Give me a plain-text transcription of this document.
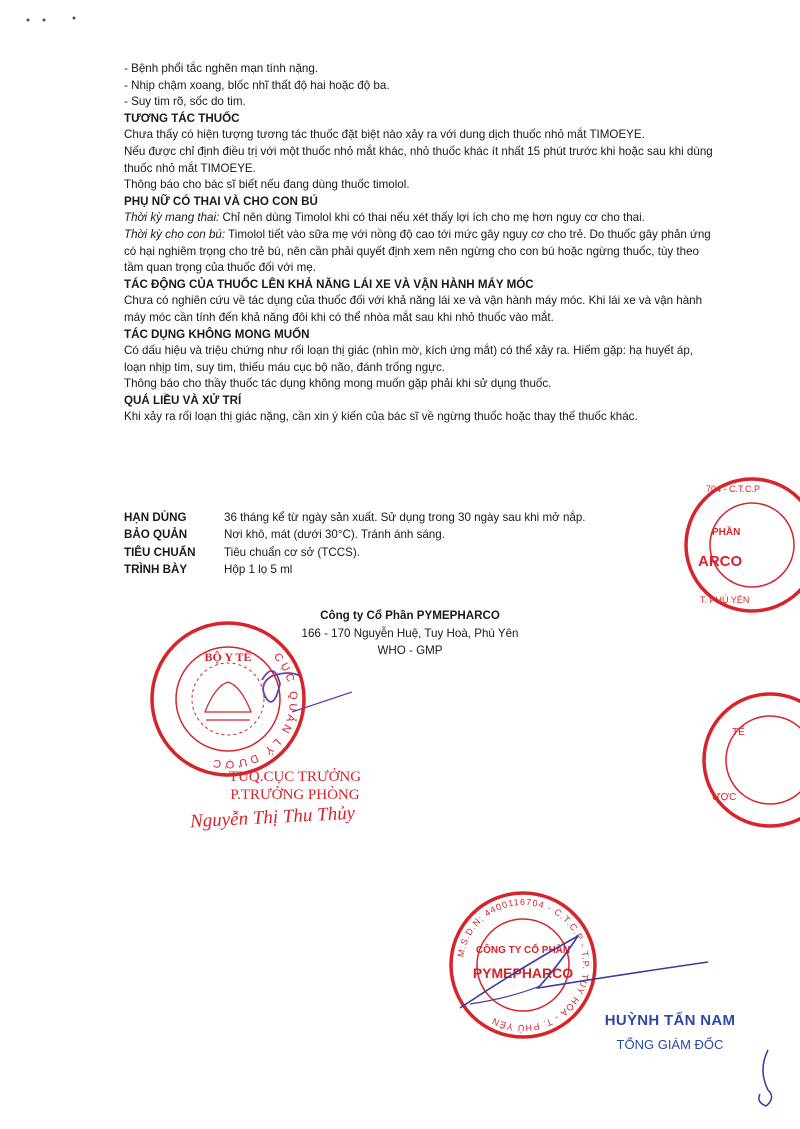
- Bệnh phổi tắc nghẽn mạn tính nặng.

- Nhịp chậm xoang, blốc nhĩ thất độ hai hoặc độ ba.

- Suy tim rõ, sốc do tim.

TƯƠNG TÁC THUỐC

Chưa thấy có hiện tượng tương tác thuốc đặt biệt nào xảy ra với dung dịch thuốc nhỏ mắt TIMOEYE.

Nếu được chỉ định điều trị với một thuốc nhỏ mắt khác, nhỏ thuốc khác ít nhất 15 phút trước khi hoặc sau khi dùng thuốc nhỏ mắt TIMOEYE.

Thông báo cho bác sĩ biết nếu đang dùng thuốc timolol.

PHỤ NỮ CÓ THAI VÀ CHO CON BÚ

Thời kỳ mang thai: Chỉ nên dùng Timolol khi có thai nếu xét thấy lợi ích cho mẹ hơn nguy cơ cho thai.

Thời kỳ cho con bú: Timolol tiết vào sữa mẹ với nồng độ cao tới mức gây nguy cơ cho trẻ. Do thuốc gây phản ứng có hại nghiêm trọng cho trẻ bú, nên cần phải quyết định xem nên ngừng cho con bú hoặc ngừng thuốc, tùy theo tầm quan trọng của thuốc đối với mẹ.

TÁC ĐỘNG CỦA THUỐC LÊN KHẢ NĂNG LÁI XE VÀ VẬN HÀNH MÁY MÓC

Chưa có nghiên cứu về tác dụng của thuốc đối với khả năng lái xe và vận hành máy móc. Khi lái xe và vận hành máy móc cần tính đến khả năng đôi khi có thể nhòa mắt sau khi nhỏ thuốc vào mắt.

TÁC DỤNG KHÔNG MONG MUỐN

Có dấu hiệu và triệu chứng như rối loạn thị giác (nhìn mờ, kích ứng mắt) có thể xảy ra. Hiếm gặp: hạ huyết áp, loạn nhịp tim, suy tim, thiếu máu cục bộ não, đánh trống ngực.

Thông báo cho thầy thuốc tác dụng không mong muốn gặp phải khi sử dụng thuốc.

QUÁ LIỀU VÀ XỬ TRÍ

Khi xảy ra rối loạn thị giác nặng, cần xin ý kiến của bác sĩ về ngừng thuốc hoặc thay thế thuốc khác.

HẠN DÙNG	36 tháng kể từ ngày sản xuất. Sử dụng trong 30 ngày sau khi mở nắp.
BẢO QUẢN	Nơi khô, mát (dưới 30°C). Tránh ánh sáng.
TIÊU CHUẨN	Tiêu chuẩn cơ sở (TCCS).
TRÌNH BÀY	Hộp 1 lọ 5 ml
Công ty Cổ Phần PYMEPHARCO
166 - 170 Nguyễn Huệ, Tuy Hoà, Phú Yên
WHO - GMP
BỘ Y TẾ	CỤC QUẢN LÝ DƯỢC
CÔNG TY CỔ PHẦN
PYMEPHARCO
M.S.D.N: 4400116704 - C.T.C.P - T.P. TUY HÒA - T. PHÚ YÊN
PHẦN
ARCO
T. PHÚ YÊN
704 - C.T.C.P
TẾ
ƯỢC
TUQ.CỤC TRƯỞNG
P.TRƯỞNG PHÒNG
Nguyễn Thị Thu Thủy
HUỲNH TẤN NAM
TỔNG GIÁM ĐỐC
